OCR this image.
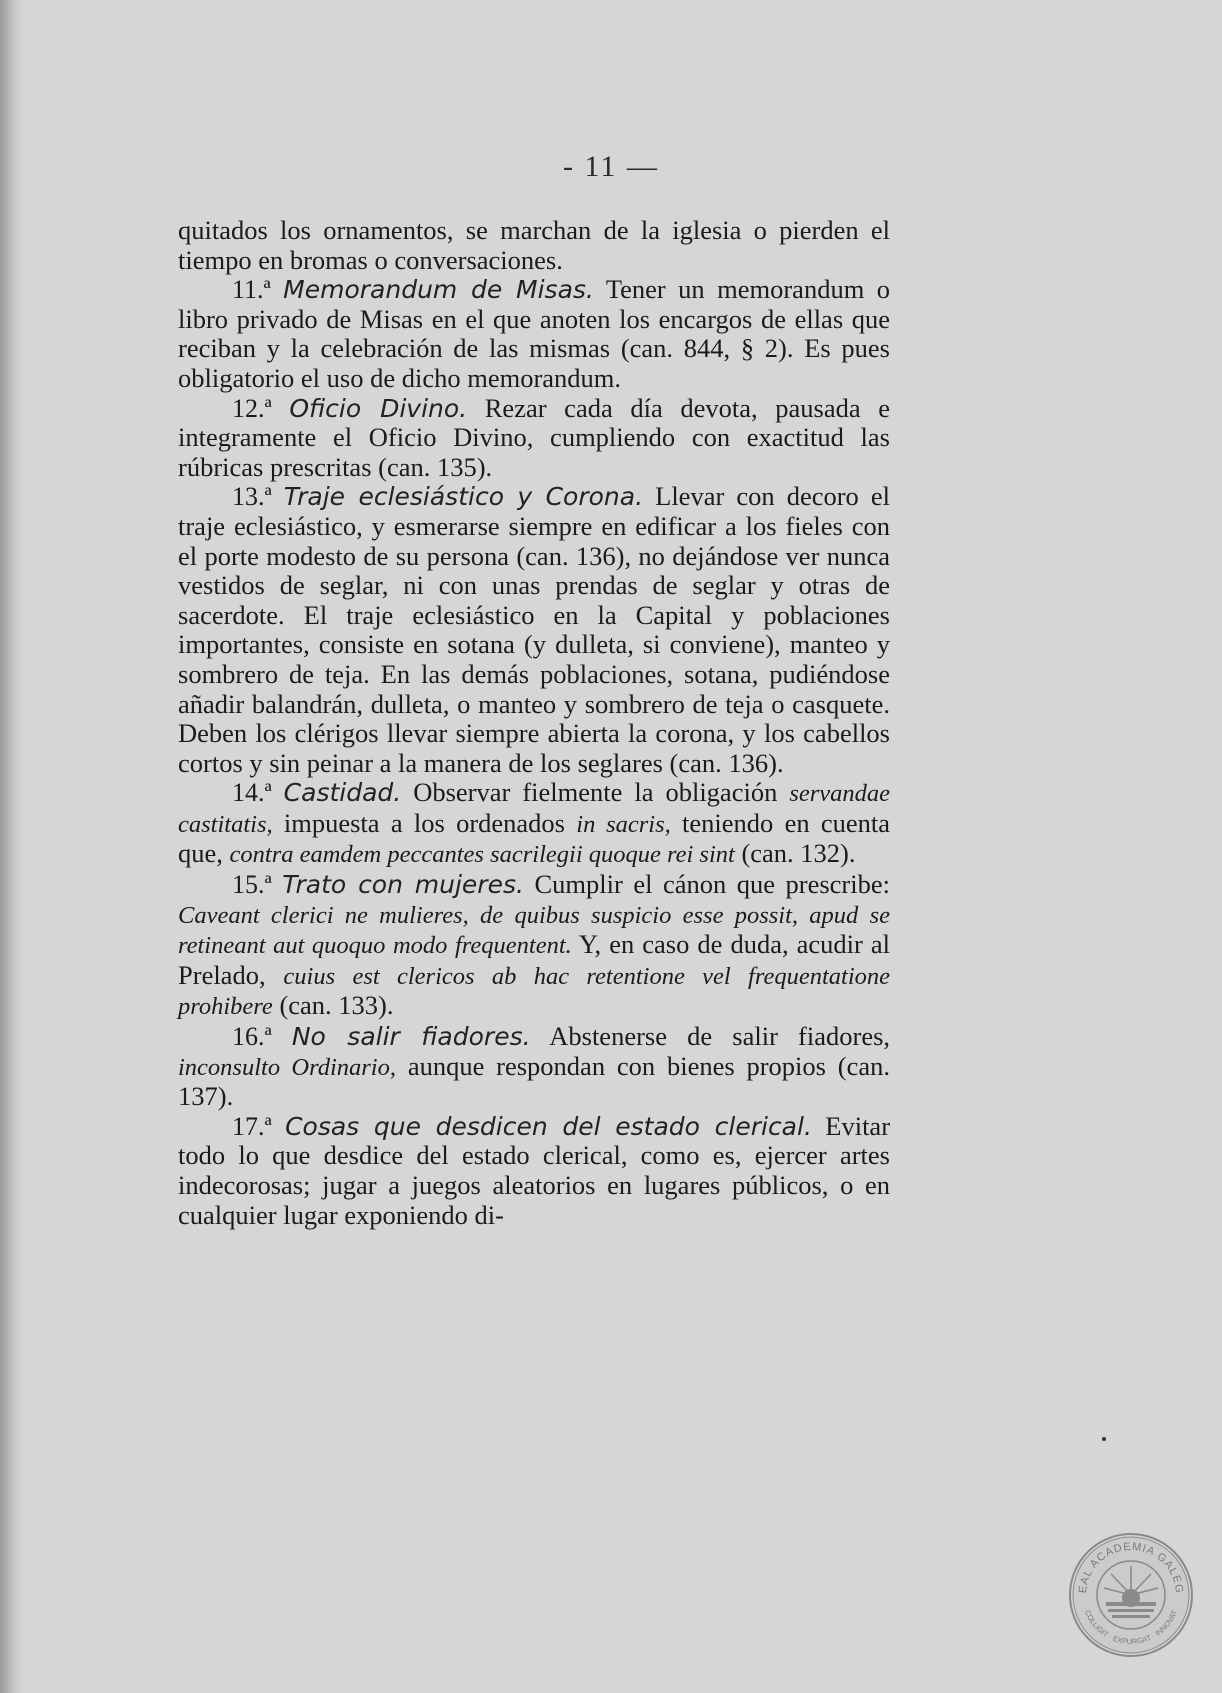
- 11 —

quitados los ornamentos, se marchan de la iglesia o pierden el tiempo en bromas o conversaciones.

11.ª Memorandum de Misas. Tener un memorandum o libro privado de Misas en el que anoten los encargos de ellas que reciban y la celebración de las mismas (can. 844, § 2). Es pues obligatorio el uso de dicho memorandum.

12.ª Oficio Divino. Rezar cada día devota, pausada e integramente el Oficio Divino, cumpliendo con exactitud las rúbricas prescritas (can. 135).

13.ª Traje eclesiástico y Corona. Llevar con decoro el traje eclesiástico, y esmerarse siempre en edificar a los fieles con el porte modesto de su persona (can. 136), no dejándose ver nunca vestidos de seglar, ni con unas prendas de seglar y otras de sacerdote. El traje eclesiástico en la Capital y poblaciones importantes, consiste en sotana (y dulleta, si conviene), manteo y sombrero de teja. En las demás poblaciones, sotana, pudiéndose añadir balandrán, dulleta, o manteo y sombrero de teja o casquete. Deben los clérigos llevar siempre abierta la corona, y los cabellos cortos y sin peinar a la manera de los seglares (can. 136).

14.ª Castidad. Observar fielmente la obligación servandae castitatis, impuesta a los ordenados in sacris, teniendo en cuenta que, contra eamdem peccantes sacrilegii quoque rei sint (can. 132).

15.ª Trato con mujeres. Cumplir el cánon que prescribe: Caveant clerici ne mulieres, de quibus suspicio esse possit, apud se retineant aut quoquo modo frequentent. Y, en caso de duda, acudir al Prelado, cuius est clericos ab hac retentione vel frequentatione prohibere (can. 133).

16.ª No salir fiadores. Abstenerse de salir fiadores, inconsulto Ordinario, aunque respondan con bienes propios (can. 137).

17.ª Cosas que desdicen del estado clerical. Evitar todo lo que desdice del estado clerical, como es, ejercer artes indecorosas; jugar a juegos aleatorios en lugares públicos, o en cualquier lugar exponiendo di-

EAL ACADEMIA GALEG
COLLIGIT · EXPURGAT · INNOVAT
